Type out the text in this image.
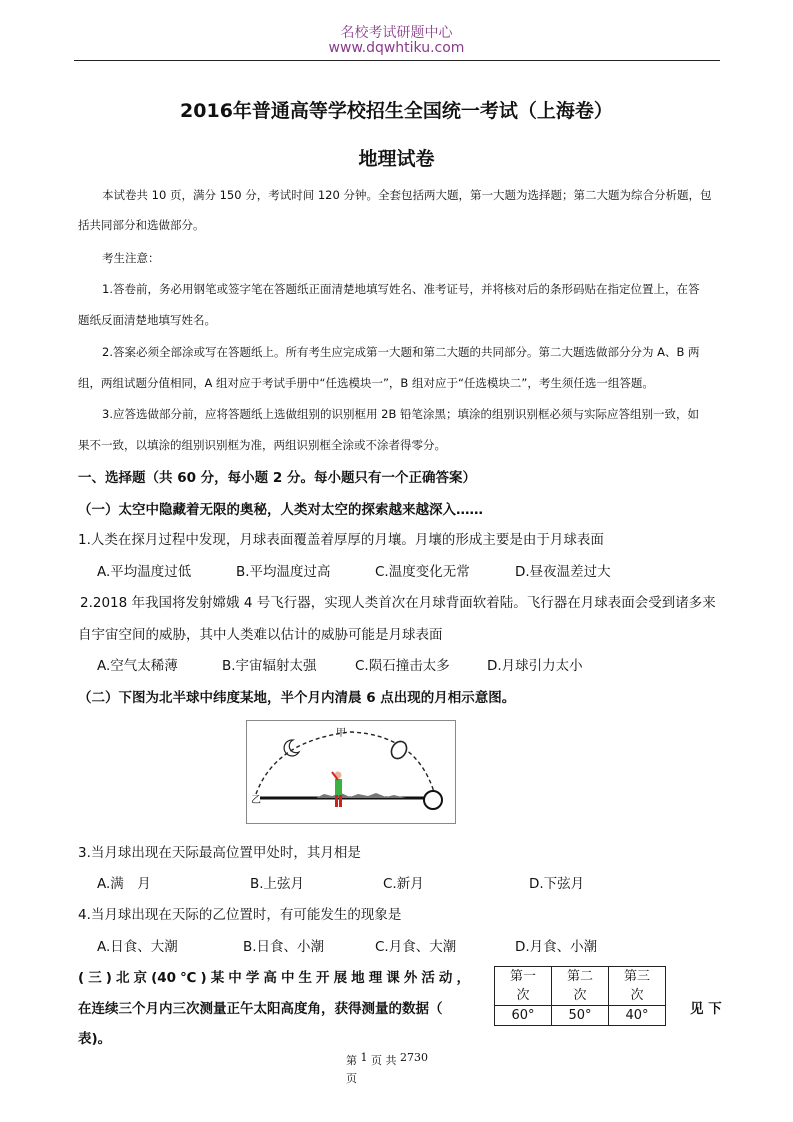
名校考试研题中心
www.dqwhtiku.com
2016年普通高等学校招生全国统一考试（上海卷）
地理试卷
本试卷共 10 页，满分 150 分，考试时间 120 分钟。全套包括两大题，第一大题为选择题；第二大题为综合分析题，包
括共同部分和选做部分。
考生注意：
1.答卷前，务必用钢笔或签字笔在答题纸正面清楚地填写姓名、准考证号，并将核对后的条形码贴在指定位置上，在答
题纸反面清楚地填写姓名。
2.答案必须全部涂或写在答题纸上。所有考生应完成第一大题和第二大题的共同部分。第二大题选做部分分为 A、B 两
组，两组试题分值相同，A 组对应于考试手册中“任选模块一”，B 组对应于“任选模块二”，考生须任选一组答题。
3.应答选做部分前，应将答题纸上选做组别的识别框用 2B 铅笔涂黑；填涂的组别识别框必须与实际应答组别一致，如
果不一致，以填涂的组别识别框为准，两组识别框全涂或不涂者得零分。
一、选择题（共 60 分，每小题 2 分。每小题只有一个正确答案）
（一）太空中隐藏着无限的奥秘，人类对太空的探索越来越深入……
1.人类在探月过程中发现，月球表面覆盖着厚厚的月壤。月壤的形成主要是由于月球表面
A.平均温度过低	B.平均温度过高	C.温度变化无常	D.昼夜温差过大
2.2018 年我国将发射嫦娥 4 号飞行器，实现人类首次在月球背面软着陆。飞行器在月球表面会受到诸多来
自宇宙空间的威胁，其中人类难以估计的威胁可能是月球表面
A.空气太稀薄	B.宇宙辐射太强	C.陨石撞击太多	D.月球引力太小
（二）下图为北半球中纬度某地，半个月内清晨 6 点出现的月相示意图。
甲
乙
3.当月球出现在天际最高位置甲处时，其月相是
A.满　月	B.上弦月	C.新月	D.下弦月
4.当月球出现在天际的乙位置时，有可能发生的现象是
A.日食、大潮	B.日食、小潮	C.月食、大潮	D.月食、小潮
(三)北京(40℃)某中学高中生开展地理课外活动，
在连续三个月内三次测量正午太阳高度角，获得测量的数据（	见 下
表)。
第一
次	第二
次	第三
次
60°	50°	40°
第 1 页 共 2730
页
